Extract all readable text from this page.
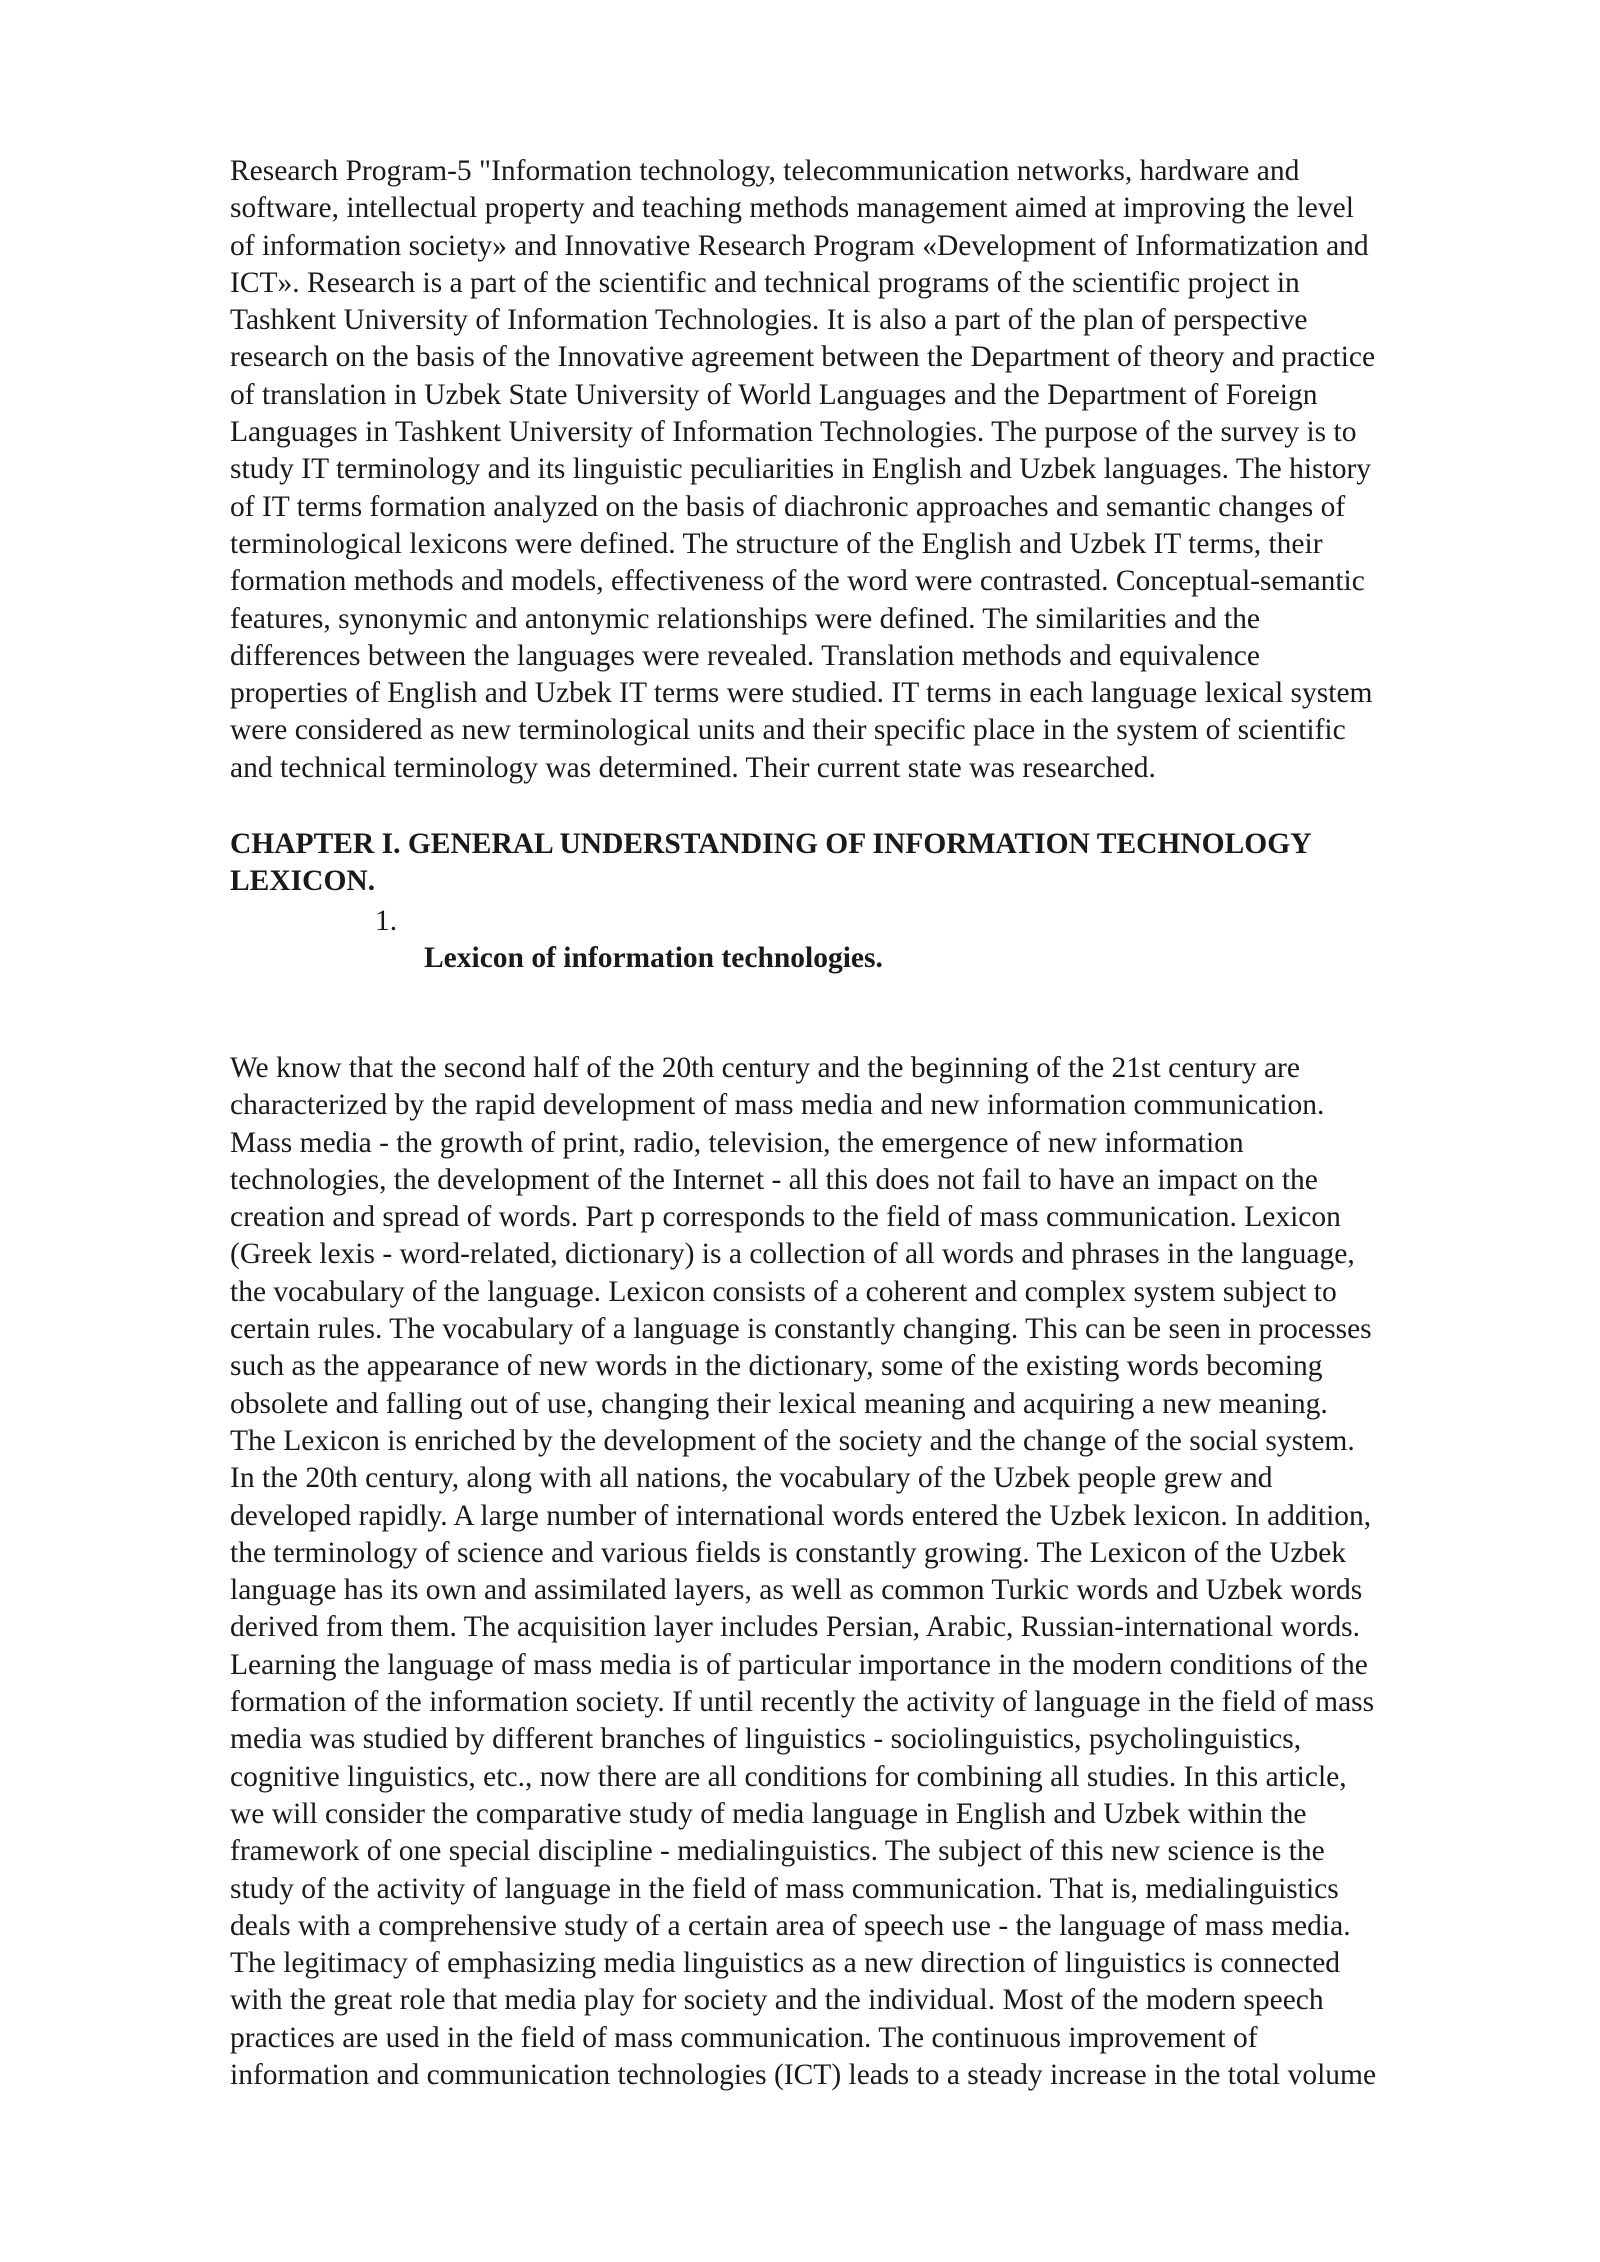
Research Program-5 "Information technology, telecommunication networks, hardware and
software, intellectual property and teaching methods management aimed at improving the level
of information society» and Innovative Research Program «Development of Informatization and
ICT». Research is a part of the scientific and technical programs of the scientific project in
Tashkent University of Information Technologies. It is also a part of the plan of perspective
research on the basis of the Innovative agreement between the Department of theory and practice
of translation in Uzbek State University of World Languages and the Department of Foreign
Languages in Tashkent University of Information Technologies. The purpose of the survey is to
study IT terminology and its linguistic peculiarities in English and Uzbek languages. The history
of IT terms formation analyzed on the basis of diachronic approaches and semantic changes of
terminological lexicons were defined. The structure of the English and Uzbek IT terms, their
formation methods and models, effectiveness of the word were contrasted. Conceptual-semantic
features, synonymic and antonymic relationships were defined. The similarities and the
differences between the languages were revealed. Translation methods and equivalence
properties of English and Uzbek IT terms were studied. IT terms in each language lexical system
were considered as new terminological units and their specific place in the system of scientific
and technical terminology was determined. Their current state was researched.
CHAPTER I. GENERAL UNDERSTANDING OF INFORMATION TECHNOLOGY
LEXICON.
1.
Lexicon of information technologies.
We know that the second half of the 20th century and the beginning of the 21st century are
characterized by the rapid development of mass media and new information communication.
Mass media - the growth of print, radio, television, the emergence of new information
technologies, the development of the Internet - all this does not fail to have an impact on the
creation and spread of words. Part p corresponds to the field of mass communication. Lexicon
(Greek lexis - word-related, dictionary) is a collection of all words and phrases in the language,
the vocabulary of the language. Lexicon consists of a coherent and complex system subject to
certain rules. The vocabulary of a language is constantly changing. This can be seen in processes
such as the appearance of new words in the dictionary, some of the existing words becoming
obsolete and falling out of use, changing their lexical meaning and acquiring a new meaning.
The Lexicon is enriched by the development of the society and the change of the social system.
In the 20th century, along with all nations, the vocabulary of the Uzbek people grew and
developed rapidly. A large number of international words entered the Uzbek lexicon. In addition,
the terminology of science and various fields is constantly growing. The Lexicon of the Uzbek
language has its own and assimilated layers, as well as common Turkic words and Uzbek words
derived from them. The acquisition layer includes Persian, Arabic, Russian-international words.
Learning the language of mass media is of particular importance in the modern conditions of the
formation of the information society. If until recently the activity of language in the field of mass
media was studied by different branches of linguistics - sociolinguistics, psycholinguistics,
cognitive linguistics, etc., now there are all conditions for combining all studies. In this article,
we will consider the comparative study of media language in English and Uzbek within the
framework of one special discipline - medialinguistics. The subject of this new science is the
study of the activity of language in the field of mass communication. That is, medialinguistics
deals with a comprehensive study of a certain area of speech use - the language of mass media.
The legitimacy of emphasizing media linguistics as a new direction of linguistics is connected
with the great role that media play for society and the individual. Most of the modern speech
practices are used in the field of mass communication. The continuous improvement of
information and communication technologies (ICT) leads to a steady increase in the total volume
